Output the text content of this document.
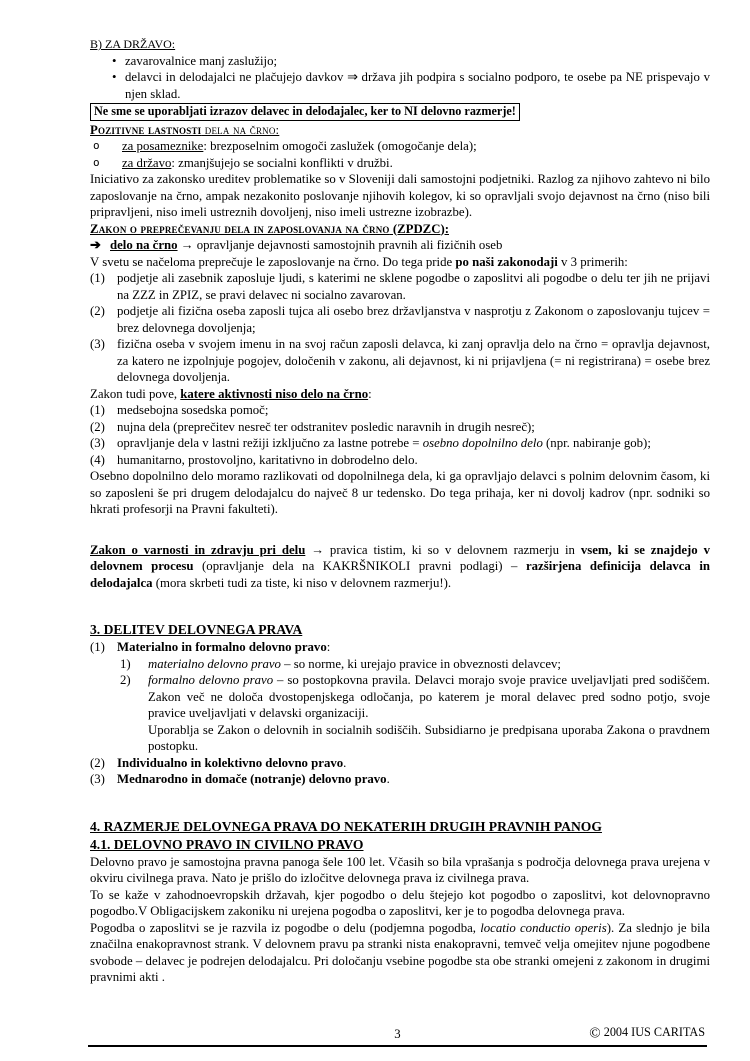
B) ZA DRŽAVO:

• zavarovalnice manj zaslužijo;
• delavci in delodajalci ne plačujejo davkov ⇒ država jih podpira s socialno podporo, te osebe pa NE prispevajo v njen sklad.
Ne sme se uporabljati izrazov delavec in delodajalec, ker to NI delovno razmerje!

Pozitivne lastnosti dela na črno:

o	za posameznike: brezposelnim omogoči zaslužek (omogočanje dela);
o	za državo: zmanjšujejo se socialni konflikti v družbi.

Iniciativo za zakonsko ureditev problematike so v Sloveniji dali samostojni podjetniki. Razlog za njihovo zahtevo ni bilo zaposlovanje na črno, ampak nezakonito poslovanje njihovih kolegov, ki so opravljali svojo dejavnost na črno (niso bili pripravljeni, niso imeli ustreznih dovoljenj, niso imeli ustrezne izobrazbe).

Zakon o preprečevanju dela in zaposlovanja na črno (ZPDZC):

➔ delo na črno → opravljanje dejavnosti samostojnih pravnih ali fizičnih oseb

V svetu se načeloma preprečuje le zaposlovanje na črno. Do tega pride po naši zakonodaji v 3 primerih:

(1) podjetje ali zasebnik zaposluje ljudi, s katerimi ne sklene pogodbe o zaposlitvi ali pogodbe o delu ter jih ne prijavi na ZZZ in ZPIZ, se pravi delavec ni socialno zavarovan.
(2) podjetje ali fizična oseba zaposli tujca ali osebo brez državljanstva v nasprotju z Zakonom o zaposlovanju tujcev = brez delovnega dovoljenja;
(3) fizična oseba v svojem imenu in na svoj račun zaposli delavca, ki zanj opravlja delo na črno = opravlja dejavnost, za katero ne izpolnjuje pogojev, določenih v zakonu, ali dejavnost, ki ni prijavljena (= ni registrirana) = osebe brez delovnega dovoljenja.

Zakon tudi pove, katere aktivnosti niso delo na črno:

(1) medsebojna sosedska pomoč;
(2) nujna dela (preprečitev nesreč ter odstranitev posledic naravnih in drugih nesreč);
(3) opravljanje dela v lastni režiji izključno za lastne potrebe = osebno dopolnilno delo (npr. nabiranje gob);
(4) humanitarno, prostovoljno, karitativno in dobrodelno delo.

Osebno dopolnilno delo moramo razlikovati od dopolnilnega dela, ki ga opravljajo delavci s polnim delovnim časom, ki so zaposleni še pri drugem delodajalcu do največ 8 ur tedensko. Do tega prihaja, ker ni dovolj kadrov (npr. sodniki so hkrati profesorji na Pravni fakulteti).

Zakon o varnosti in zdravju pri delu → pravica tistim, ki so v delovnem razmerju in vsem, ki se znajdejo v delovnem procesu (opravljanje dela na KAKRŠNIKOLI pravni podlagi) – razširjena definicija delavca in delodajalca (mora skrbeti tudi za tiste, ki niso v delovnem razmerju!).

3. DELITEV DELOVNEGA PRAVA

(1) Materialno in formalno delovno pravo:

1)	materialno delovno pravo – so norme, ki urejajo pravice in obveznosti delavcev;
2)	formalno delovno pravo – so postopkovna pravila. Delavci morajo svoje pravice uveljavljati pred sodiščem. Zakon več ne določa dvostopenjskega odločanja, po katerem je moral delavec pred sodno potjo, svoje pravice uveljavljati v delavski organizaciji.

Uporablja se Zakon o delovnih in socialnih sodiščih. Subsidiarno je predpisana uporaba Zakona o pravdnem postopku.

(2) Individualno in kolektivno delovno pravo.
(3) Mednarodno in domače (notranje) delovno pravo.

4. RAZMERJE DELOVNEGA PRAVA DO NEKATERIH DRUGIH PRAVNIH PANOG

4.1. DELOVNO PRAVO IN CIVILNO PRAVO

Delovno pravo je samostojna pravna panoga šele 100 let. Včasih so bila vprašanja s področja delovnega prava urejena v okviru civilnega prava. Nato je prišlo do izločitve delovnega prava iz civilnega prava.

To se kaže v zahodnoevropskih državah, kjer pogodbo o delu štejejo kot pogodbo o zaposlitvi, kot delovnopravno pogodbo.V Obligacijskem zakoniku ni urejena pogodba o zaposlitvi, ker je to pogodba delovnega prava.

Pogodba o zaposlitvi se je razvila iz pogodbe o delu (podjemna pogodba, locatio conductio operis). Za slednjo je bila značilna enakopravnost strank. V delovnem pravu pa stranki nista enakopravni, temveč velja omejitev njune pogodbene svobode – delavec je podrejen delodajalcu. Pri določanju vsebine pogodbe sta obe stranki omejeni z zakonom in drugimi pravnimi akti .

3	© 2004 IUS CARITAS
